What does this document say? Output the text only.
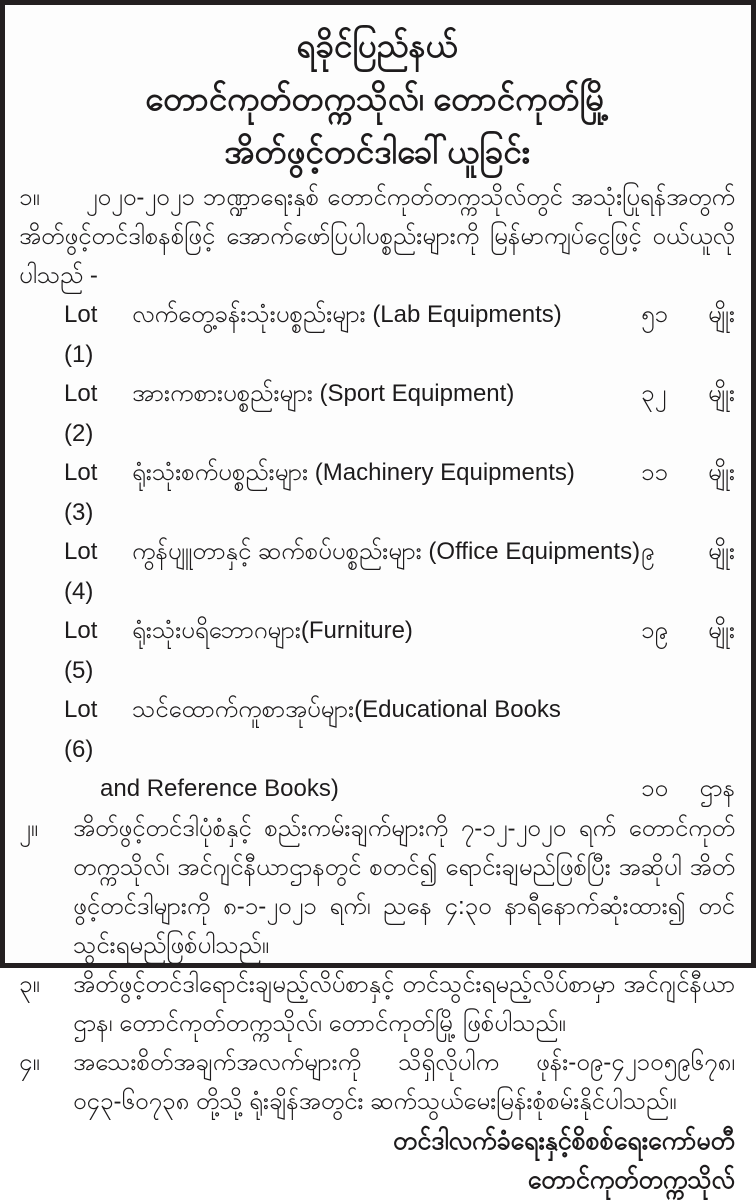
ရခိုင်ပြည်နယ်
တောင်ကုတ်တက္ကသိုလ်၊ တောင်ကုတ်မြို့
အိတ်ဖွင့်တင်ဒါခေါ်ယူခြင်း
၁။ ၂၀၂၀-၂၀၂၁ ဘဏ္ဍာရေးနှစ် တောင်ကုတ်တက္ကသိုလ်တွင် အသုံးပြုရန်အတွက် အိတ်ဖွင့်တင်ဒါစနစ်ဖြင့် အောက်ဖော်ပြပါပစ္စည်းများကို မြန်မာကျပ်ငွေဖြင့် ဝယ်ယူလိုပါသည် -
Lot (1)
လက်တွေ့ခန်းသုံးပစ္စည်းများ (Lab Equipments)	၅၁ မျိုး
Lot (2)
အားကစားပစ္စည်းများ (Sport Equipment)	၃၂ မျိုး
Lot (3)
ရုံးသုံးစက်ပစ္စည်းများ (Machinery Equipments)	၁၁ မျိုး
Lot (4)
ကွန်ပျူတာနှင့် ဆက်စပ်ပစ္စည်းများ (Office Equipments) ၉ မျိုး
Lot (5)
ရုံးသုံးပရိဘောဂများ(Furniture)	၁၉ မျိုး
Lot (6)
သင်ထောက်ကူစာအုပ်များ(Educational Books
and Reference Books)	၁၀ ဌာန
၂။ အိတ်ဖွင့်တင်ဒါပုံစံနှင့် စည်းကမ်းချက်များကို ၇-၁၂-၂၀၂၀ ရက် တောင်ကုတ်တက္ကသိုလ်၊ အင်ဂျင်နီယာဌာနတွင် စတင်၍ ရောင်းချမည်ဖြစ်ပြီး အဆိုပါ အိတ်ဖွင့်တင်ဒါများကို ၈-၁-၂၀၂၁ ရက်၊ ညနေ ၄:၃၀ နာရီနောက်ဆုံးထား၍ တင်သွင်းရမည်ဖြစ်ပါသည်။
၃။ အိတ်ဖွင့်တင်ဒါရောင်းချမည့်လိပ်စာနှင့် တင်သွင်းရမည့်လိပ်စာမှာ အင်ဂျင်နီယာဌာန၊ တောင်ကုတ်တက္ကသိုလ်၊ တောင်ကုတ်မြို့ ဖြစ်ပါသည်။
၄။ အသေးစိတ်အချက်အလက်များကို သိရှိလိုပါက ဖုန်း-၀၉-၄၂၁၀၅၉၆၇၈၊ ၀၄၃-၆၀၇၃၈ တို့သို့ ရုံးချိန်အတွင်း ဆက်သွယ်မေးမြန်းစုံစမ်းနိုင်ပါသည်။
တင်ဒါလက်ခံရေးနှင့်စိစစ်ရေးကော်မတီ
တောင်ကုတ်တက္ကသိုလ်
